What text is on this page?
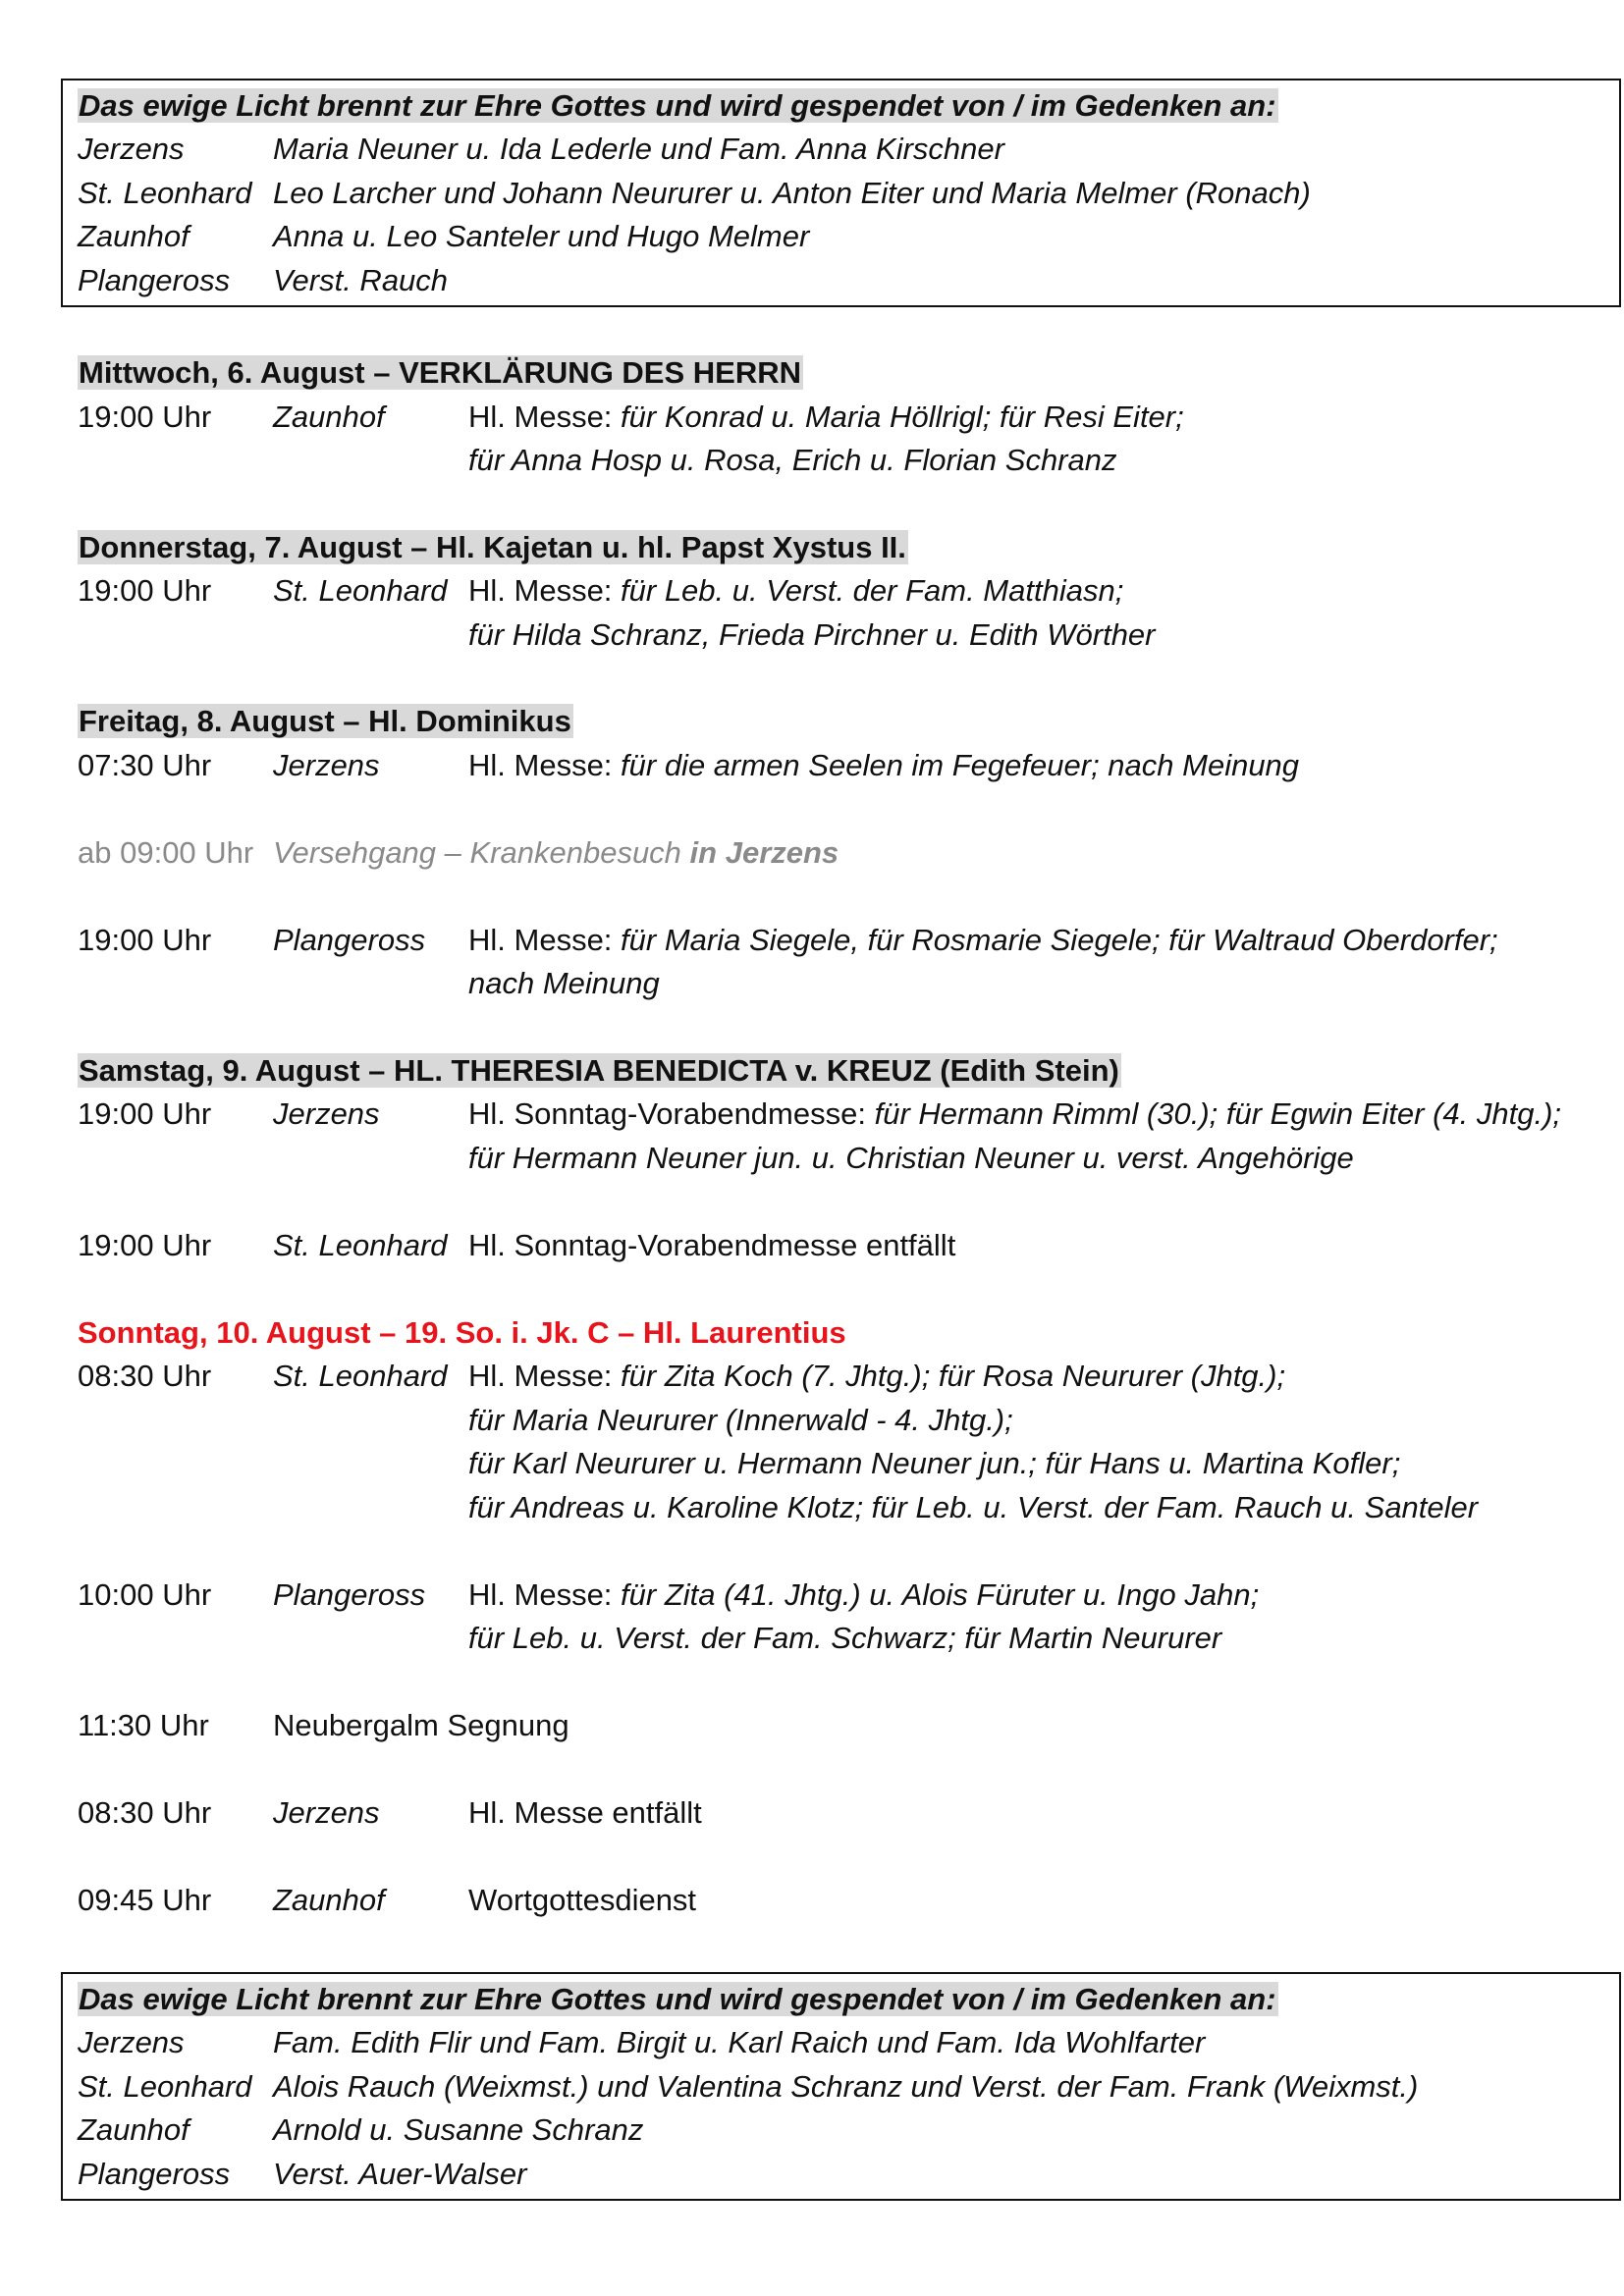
Das ewige Licht brennt zur Ehre Gottes und wird gespendet von / im Gedenken an:
Jerzens	Maria Neuner u. Ida Lederle und Fam. Anna Kirschner
St. Leonhard Leo Larcher und Johann Neururer u. Anton Eiter und Maria Melmer (Ronach)
Zaunhof	Anna u. Leo Santeler und Hugo Melmer
Plangeross Verst. Rauch
Mittwoch, 6. August – VERKLÄRUNG DES HERRN
19:00 Uhr Zaunhof	Hl. Messe: für Konrad u. Maria Höllrigl; für Resi Eiter;
für Anna Hosp u. Rosa, Erich u. Florian Schranz
Donnerstag, 7. August – Hl. Kajetan u. hl. Papst Xystus II.
19:00 Uhr St. Leonhard Hl. Messe: für Leb. u. Verst. der Fam. Matthiasn;
für Hilda Schranz, Frieda Pirchner u. Edith Wörther
Freitag, 8. August – Hl. Dominikus
07:30 Uhr Jerzens	Hl. Messe: für die armen Seelen im Fegefeuer; nach Meinung
ab 09:00 Uhr Versehgang – Krankenbesuch in Jerzens
19:00 Uhr Plangeross Hl. Messe: für Maria Siegele, für Rosmarie Siegele; für Waltraud Oberdorfer;
nach Meinung
Samstag, 9. August – HL. THERESIA BENEDICTA v. KREUZ (Edith Stein)
19:00 Uhr Jerzens	Hl. Sonntag-Vorabendmesse: für Hermann Rimml (30.); für Egwin Eiter (4. Jhtg.);
für Hermann Neuner jun. u. Christian Neuner u. verst. Angehörige
19:00 Uhr St. Leonhard Hl. Sonntag-Vorabendmesse entfällt
Sonntag, 10. August – 19. So. i. Jk. C – Hl. Laurentius
08:30 Uhr St. Leonhard Hl. Messe: für Zita Koch (7. Jhtg.); für Rosa Neururer (Jhtg.);
für Maria Neururer (Innerwald - 4. Jhtg.);
für Karl Neururer u. Hermann Neuner jun.; für Hans u. Martina Kofler;
für Andreas u. Karoline Klotz; für Leb. u. Verst. der Fam. Rauch u. Santeler
10:00 Uhr Plangeross Hl. Messe: für Zita (41. Jhtg.) u. Alois Füruter u. Ingo Jahn;
für Leb. u. Verst. der Fam. Schwarz; für Martin Neururer
11:30 Uhr Neubergalm Segnung
08:30 Uhr Jerzens	Hl. Messe entfällt
09:45 Uhr Zaunhof	Wortgottesdienst
Das ewige Licht brennt zur Ehre Gottes und wird gespendet von / im Gedenken an:
Jerzens	Fam. Edith Flir und Fam. Birgit u. Karl Raich und Fam. Ida Wohlfarter
St. Leonhard Alois Rauch (Weixmst.) und Valentina Schranz und Verst. der Fam. Frank (Weixmst.)
Zaunhof	Arnold u. Susanne Schranz
Plangeross Verst. Auer-Walser
